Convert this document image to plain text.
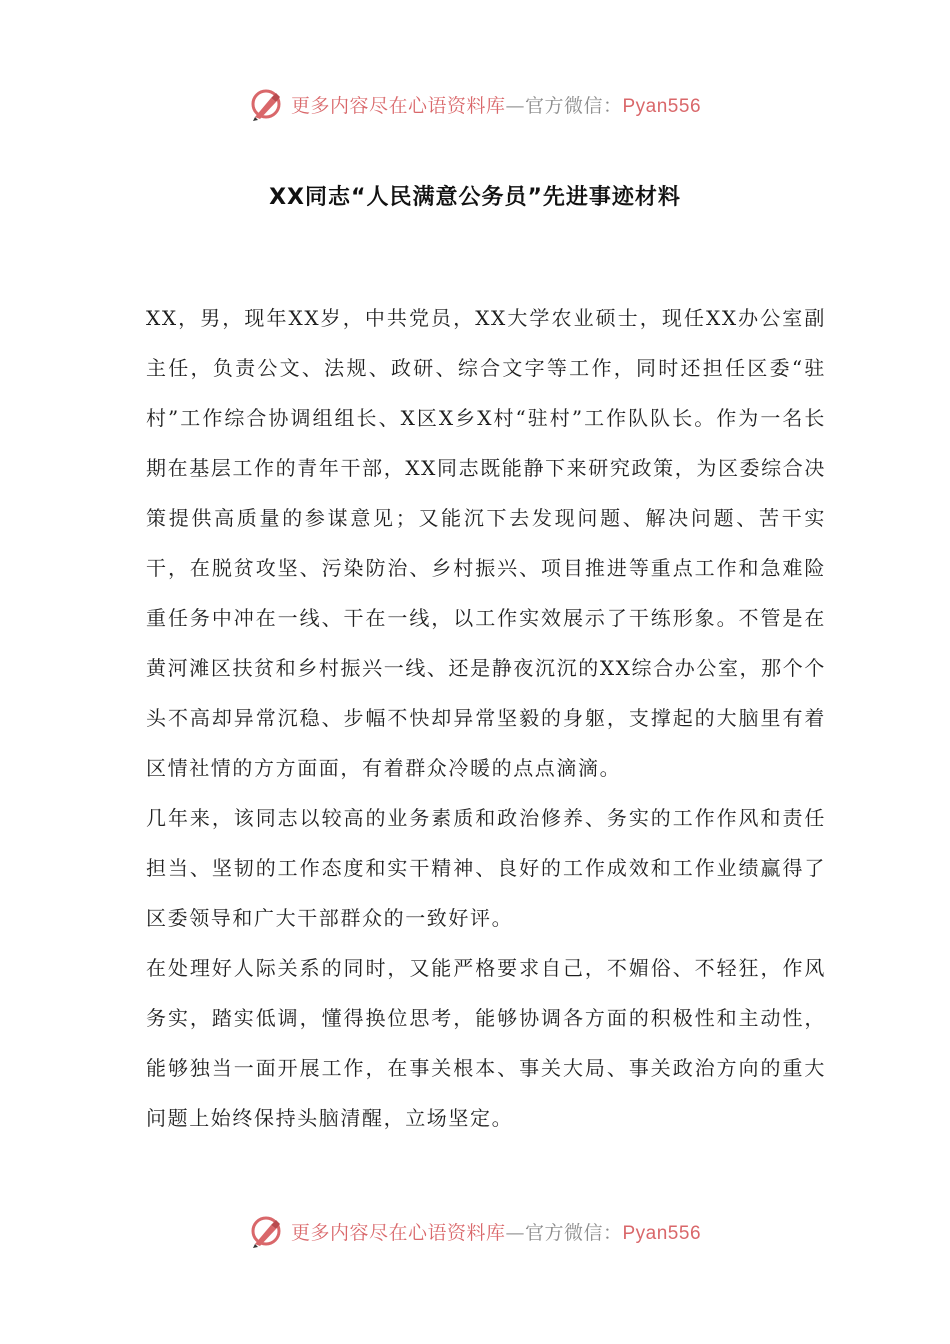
更多内容尽在心语资料库—官方微信：Pyan556
XX同志“人民满意公务员”先进事迹材料

XX，男，现年XX岁，中共党员，XX大学农业硕士，现任XX办公室副主任，负责公文、法规、政研、综合文字等工作，同时还担任区委“驻村”工作综合协调组组长、X区X乡X村“驻村”工作队队长。作为一名长期在基层工作的青年干部，XX同志既能静下来研究政策，为区委综合决策提供高质量的参谋意见；又能沉下去发现问题、解决问题、苦干实干，在脱贫攻坚、污染防治、乡村振兴、项目推进等重点工作和急难险重任务中冲在一线、干在一线，以工作实效展示了干练形象。不管是在黄河滩区扶贫和乡村振兴一线、还是静夜沉沉的XX综合办公室，那个个头不高却异常沉稳、步幅不快却异常坚毅的身躯，支撑起的大脑里有着区情社情的方方面面，有着群众冷暖的点点滴滴。

几年来，该同志以较高的业务素质和政治修养、务实的工作作风和责任担当、坚韧的工作态度和实干精神、良好的工作成效和工作业绩赢得了区委领导和广大干部群众的一致好评。

在处理好人际关系的同时，又能严格要求自己，不媚俗、不轻狂，作风务实，踏实低调，懂得换位思考，能够协调各方面的积极性和主动性，能够独当一面开展工作，在事关根本、事关大局、事关政治方向的重大问题上始终保持头脑清醒，立场坚定。

更多内容尽在心语资料库—官方微信：Pyan556
